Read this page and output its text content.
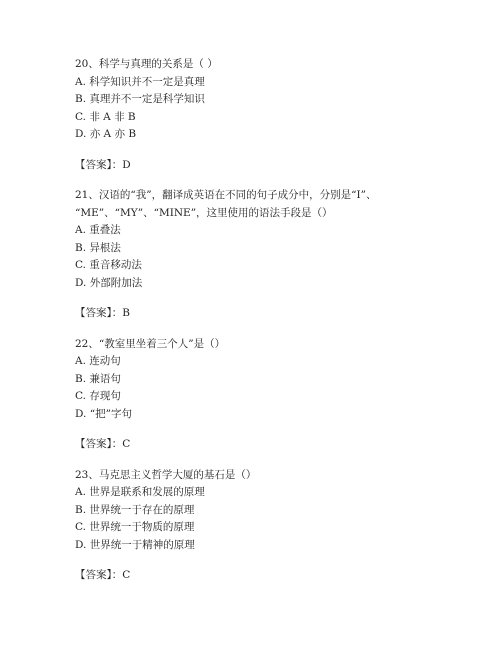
20、科学与真理的关系是（ ）
A. 科学知识并不一定是真理
B. 真理并不一定是科学知识
C. 非 A 非 B
D. 亦 A 亦 B
【答案】：D
21、汉语的“我”，翻译成英语在不同的句子成分中，分别是“I”、
“ME”、“MY”、“MINE”，这里使用的语法手段是（）
A. 重叠法
B. 异根法
C. 重音移动法
D. 外部附加法
【答案】：B
22、“教室里坐着三个人”是（）
A. 连动句
B. 兼语句
C. 存现句
D. “把”字句
【答案】：C
23、马克思主义哲学大厦的基石是（）
A. 世界是联系和发展的原理
B. 世界统一于存在的原理
C. 世界统一于物质的原理
D. 世界统一于精神的原理
【答案】：C
